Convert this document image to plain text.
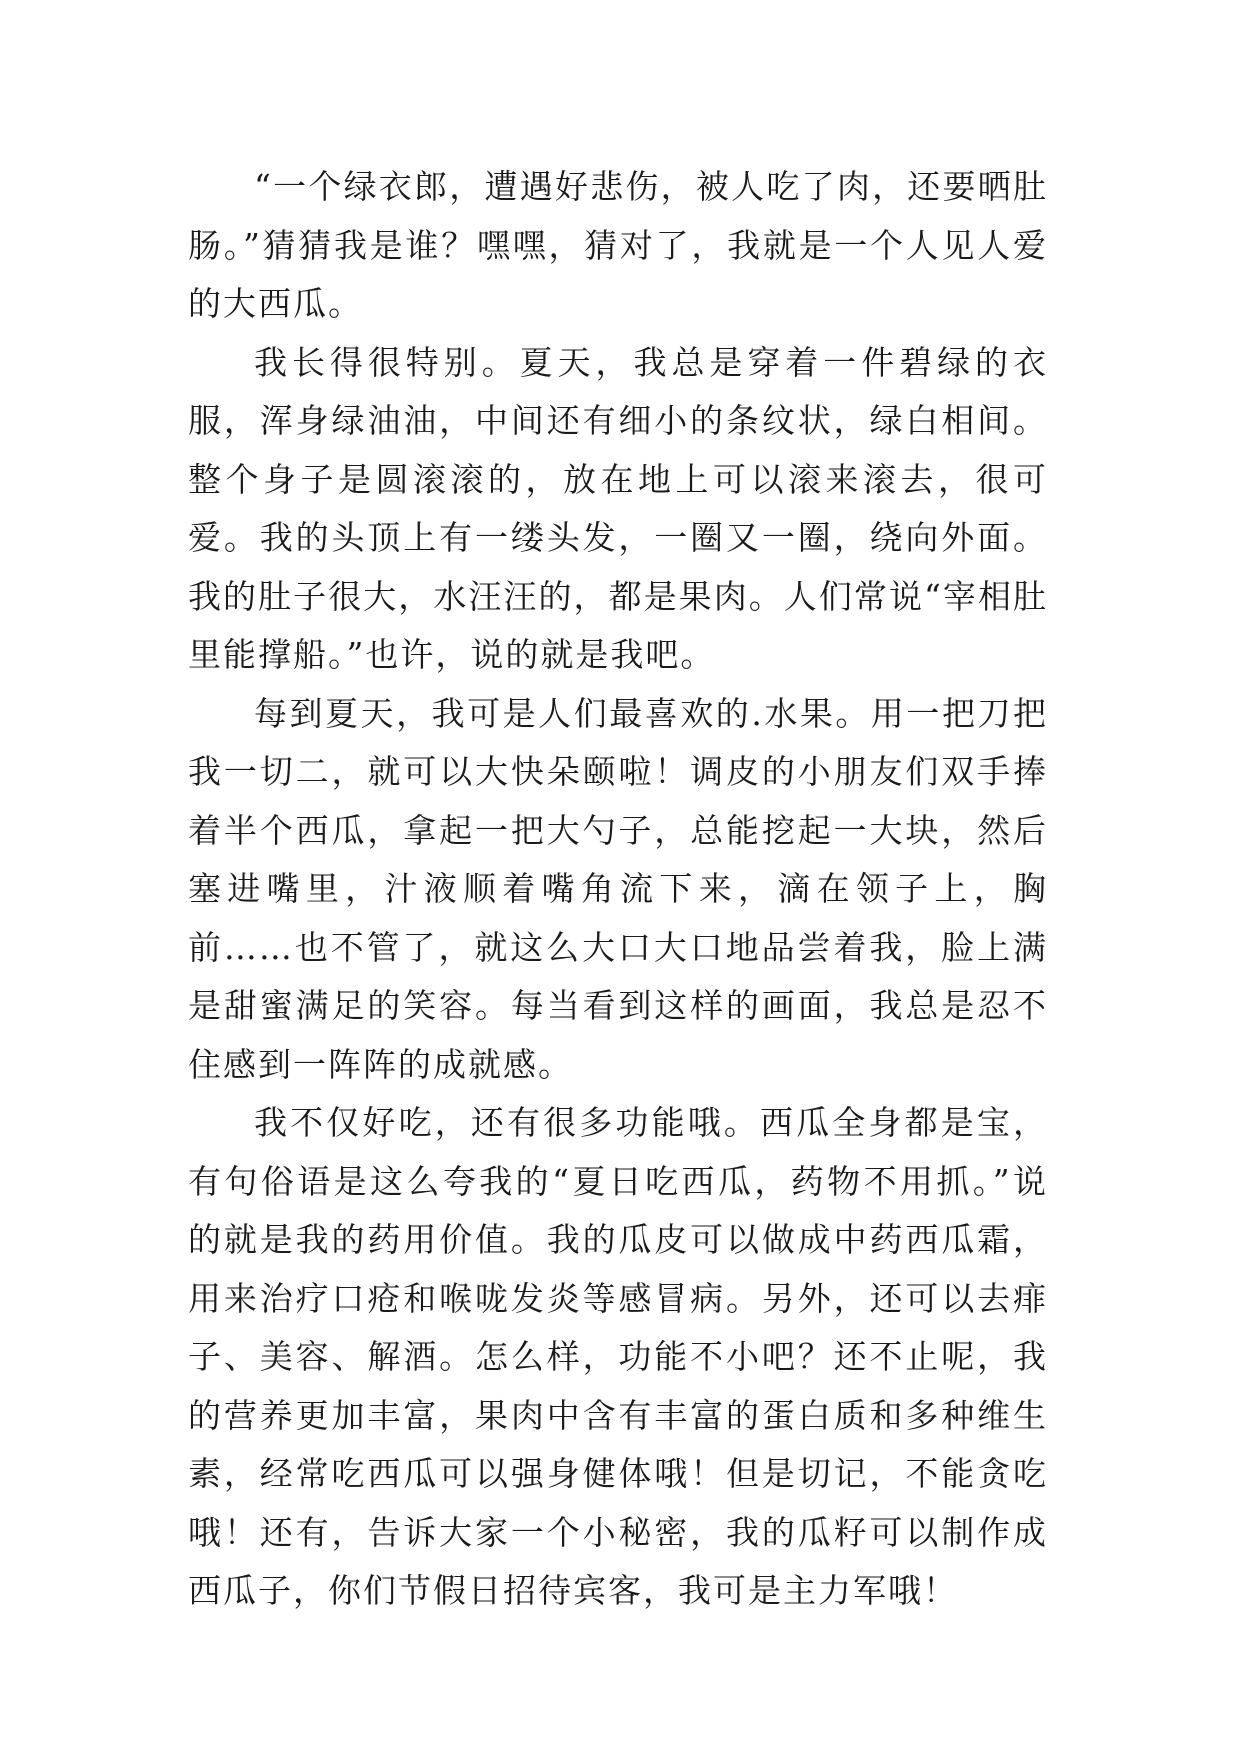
“一个绿衣郎，遭遇好悲伤，被人吃了肉，还要晒肚肠。”猜猜我是谁？嘿嘿，猜对了，我就是一个人见人爱的大西瓜。

我长得很特别。夏天，我总是穿着一件碧绿的衣服，浑身绿油油，中间还有细小的条纹状，绿白相间。整个身子是圆滚滚的，放在地上可以滚来滚去，很可爱。我的头顶上有一缕头发，一圈又一圈，绕向外面。我的肚子很大，水汪汪的，都是果肉。人们常说“宰相肚里能撑船。”也许，说的就是我吧。

每到夏天，我可是人们最喜欢的.水果。用一把刀把我一切二，就可以大快朵颐啦！调皮的小朋友们双手捧着半个西瓜，拿起一把大勺子，总能挖起一大块，然后塞进嘴里，汁液顺着嘴角流下来，滴在领子上，胸前……也不管了，就这么大口大口地品尝着我，脸上满是甜蜜满足的笑容。每当看到这样的画面，我总是忍不住感到一阵阵的成就感。

我不仅好吃，还有很多功能哦。西瓜全身都是宝，有句俗语是这么夸我的“夏日吃西瓜，药物不用抓。”说的就是我的药用价值。我的瓜皮可以做成中药西瓜霜，用来治疗口疮和喉咙发炎等感冒病。另外，还可以去痱子、美容、解酒。怎么样，功能不小吧？还不止呢，我的营养更加丰富，果肉中含有丰富的蛋白质和多种维生素，经常吃西瓜可以强身健体哦！但是切记，不能贪吃哦！还有，告诉大家一个小秘密，我的瓜籽可以制作成西瓜子，你们节假日招待宾客，我可是主力军哦！
